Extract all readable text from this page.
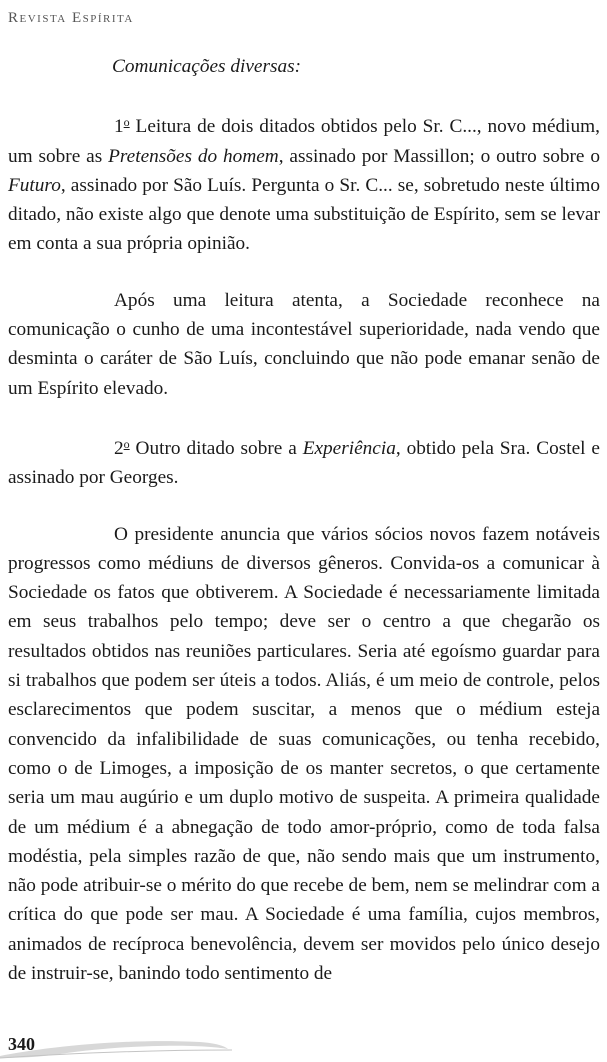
Revista Espírita

Comunicações diversas:

1$^o$ Leitura de dois ditados obtidos pelo Sr. C..., novo médium, um sobre as Pretensões do homem, assinado por Massillon; o outro sobre o Futuro, assinado por São Luís. Pergunta o Sr. C... se, sobretudo neste último ditado, não existe algo que denote uma substituição de Espírito, sem se levar em conta a sua própria opinião.

Após uma leitura atenta, a Sociedade reconhece na comunicação o cunho de uma incontestável superioridade, nada vendo que desminta o caráter de São Luís, concluindo que não pode emanar senão de um Espírito elevado.

2$^o$ Outro ditado sobre a Experiência, obtido pela Sra. Costel e assinado por Georges.

O presidente anuncia que vários sócios novos fazem notáveis progressos como médiuns de diversos gêneros. Convida-os a comunicar à Sociedade os fatos que obtiverem. A Sociedade é necessariamente limitada em seus trabalhos pelo tempo; deve ser o centro a que chegarão os resultados obtidos nas reuniões particulares. Seria até egoísmo guardar para si trabalhos que podem ser úteis a todos. Aliás, é um meio de controle, pelos esclarecimentos que podem suscitar, a menos que o médium esteja convencido da infalibilidade de suas comunicações, ou tenha recebido, como o de Limoges, a imposição de os manter secretos, o que certamente seria um mau augúrio e um duplo motivo de suspeita. A primeira qualidade de um médium é a abnegação de todo amor-próprio, como de toda falsa modéstia, pela simples razão de que, não sendo mais que um instrumento, não pode atribuir-se o mérito do que recebe de bem, nem se melindrar com a crítica do que pode ser mau. A Sociedade é uma família, cujos membros, animados de recíproca benevolência, devem ser movidos pelo único desejo de instruir-se, banindo todo sentimento de

340
